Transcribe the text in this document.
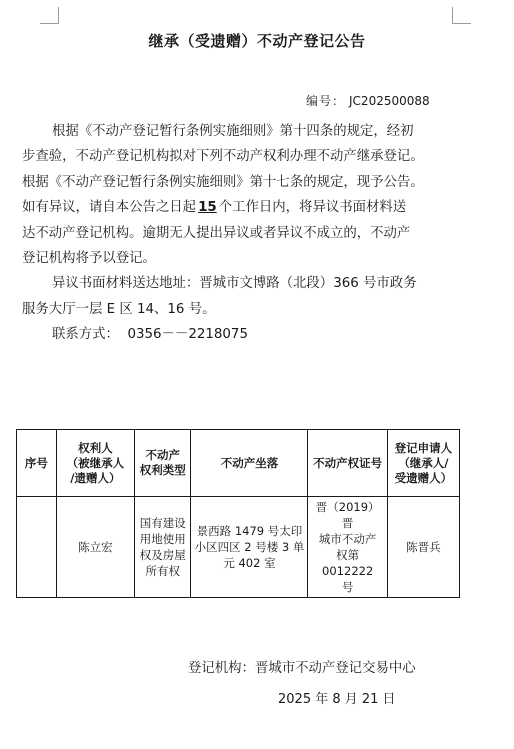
继承（受遗赠）不动产登记公告
编号： JC202500088
根据《不动产登记暂行条例实施细则》第十四条的规定，经初
步查验，不动产登记机构拟对下列不动产权利办理不动产继承登记。
根据《不动产登记暂行条例实施细则》第十七条的规定，现予公告。
如有异议，请自本公告之日起 15 个工作日内，将异议书面材料送
达不动产登记机构。逾期无人提出异议或者异议不成立的，不动产
登记机构将予以登记。
异议书面材料送达地址：晋城市文博路（北段）366 号市政务
服务大厅一层 E 区 14、16 号。
联系方式： 0356－－2218075
序号	权利人
（被继承人
/遗赠人）	不动产
权利类型	不动产坐落	不动产权证号	登记申请人
（继承人/
受遗赠人）
	陈立宏	国有建设
用地使用
权及房屋
所有权	景西路 1479 号太印
小区四区 2 号楼 3 单
元 402 室	晋（2019）晋
城市不动产
权第 0012222
号	陈晋兵
登记机构：晋城市不动产登记交易中心
2025 年 8 月 21 日
